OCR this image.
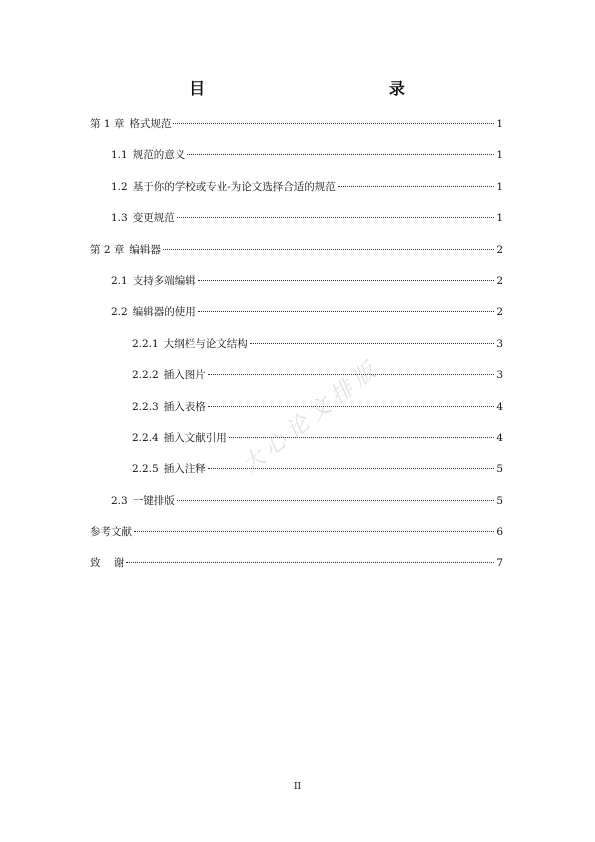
目     录
第 1 章 格式规范	1
1.1 规范的意义	1
1.2 基于你的学校或专业-为论文选择合适的规范	1
1.3 变更规范	1
第 2 章 编辑器	2
2.1 支持多端编辑	2
2.2 编辑器的使用	2
2.2.1 大纲栏与论文结构	3
2.2.2 插入图片	3
2.2.3 插入表格	4
2.2.4 插入文献引用	4
2.2.5 插入注释	5
2.3 一键排版	5
参考文献	6
致    谢	7
大心论文排版
II
